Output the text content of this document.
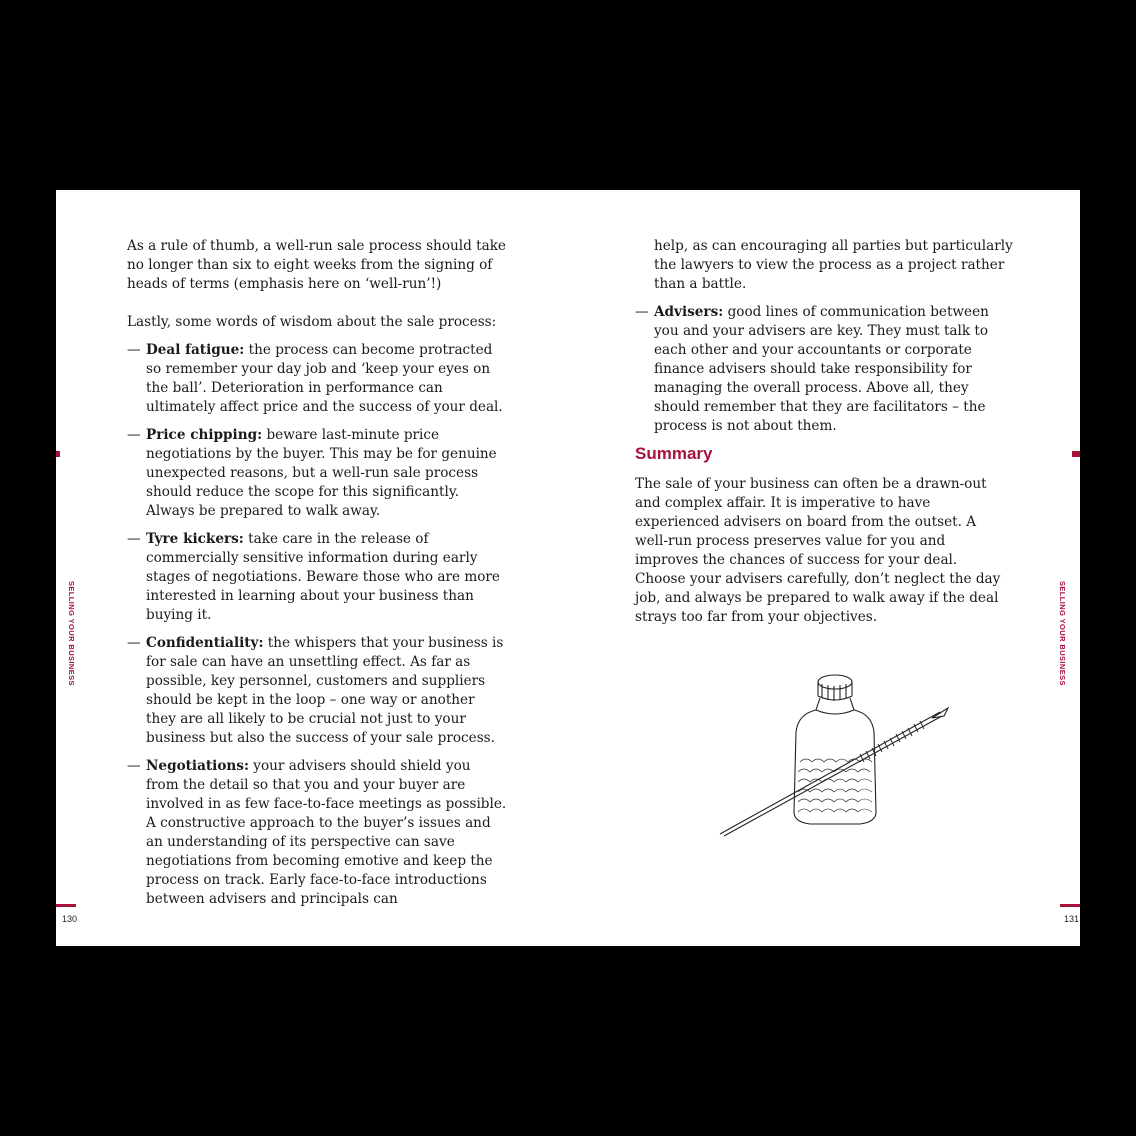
SELLING YOUR BUSINESS

As a rule of thumb, a well-run sale process should take no longer than six to eight weeks from the signing of heads of terms (emphasis here on ‘well-run’!)

Lastly, some words of wisdom about the sale process:

— Deal fatigue: the process can become protracted so remember your day job and ‘keep your eyes on the ball’. Deterioration in performance can ultimately affect price and the success of your deal.
— Price chipping: beware last-minute price negotiations by the buyer. This may be for genuine unexpected reasons, but a well-run sale process should reduce the scope for this significantly. Always be prepared to walk away.
— Tyre kickers: take care in the release of commercially sensitive information during early stages of negotiations. Beware those who are more interested in learning about your business than buying it.
— Confidentiality: the whispers that your business is for sale can have an unsettling effect. As far as possible, key personnel, customers and suppliers should be kept in the loop – one way or another they are all likely to be crucial not just to your business but also the success of your sale process.
— Negotiations: your advisers should shield you from the detail so that you and your buyer are involved in as few face-to-face meetings as possible. A constructive approach to the buyer’s issues and an understanding of its perspective can save negotiations from becoming emotive and keep the process on track. Early face-to-face introductions between advisers and principals can
130
help, as can encouraging all parties but particularly the lawyers to view the process as a project rather than a battle.
— Advisers: good lines of communication between you and your advisers are key. They must talk to each other and your accountants or corporate finance advisers should take responsibility for managing the overall process. Above all, they should remember that they are facilitators – the process is not about them.
Summary

The sale of your business can often be a drawn-out and complex affair. It is imperative to have experienced advisers on board from the outset. A well-run process preserves value for you and improves the chances of success for your deal. Choose your advisers carefully, don’t neglect the day job, and always be prepared to walk away if the deal strays too far from your objectives.	SELLING YOUR BUSINESS
131
